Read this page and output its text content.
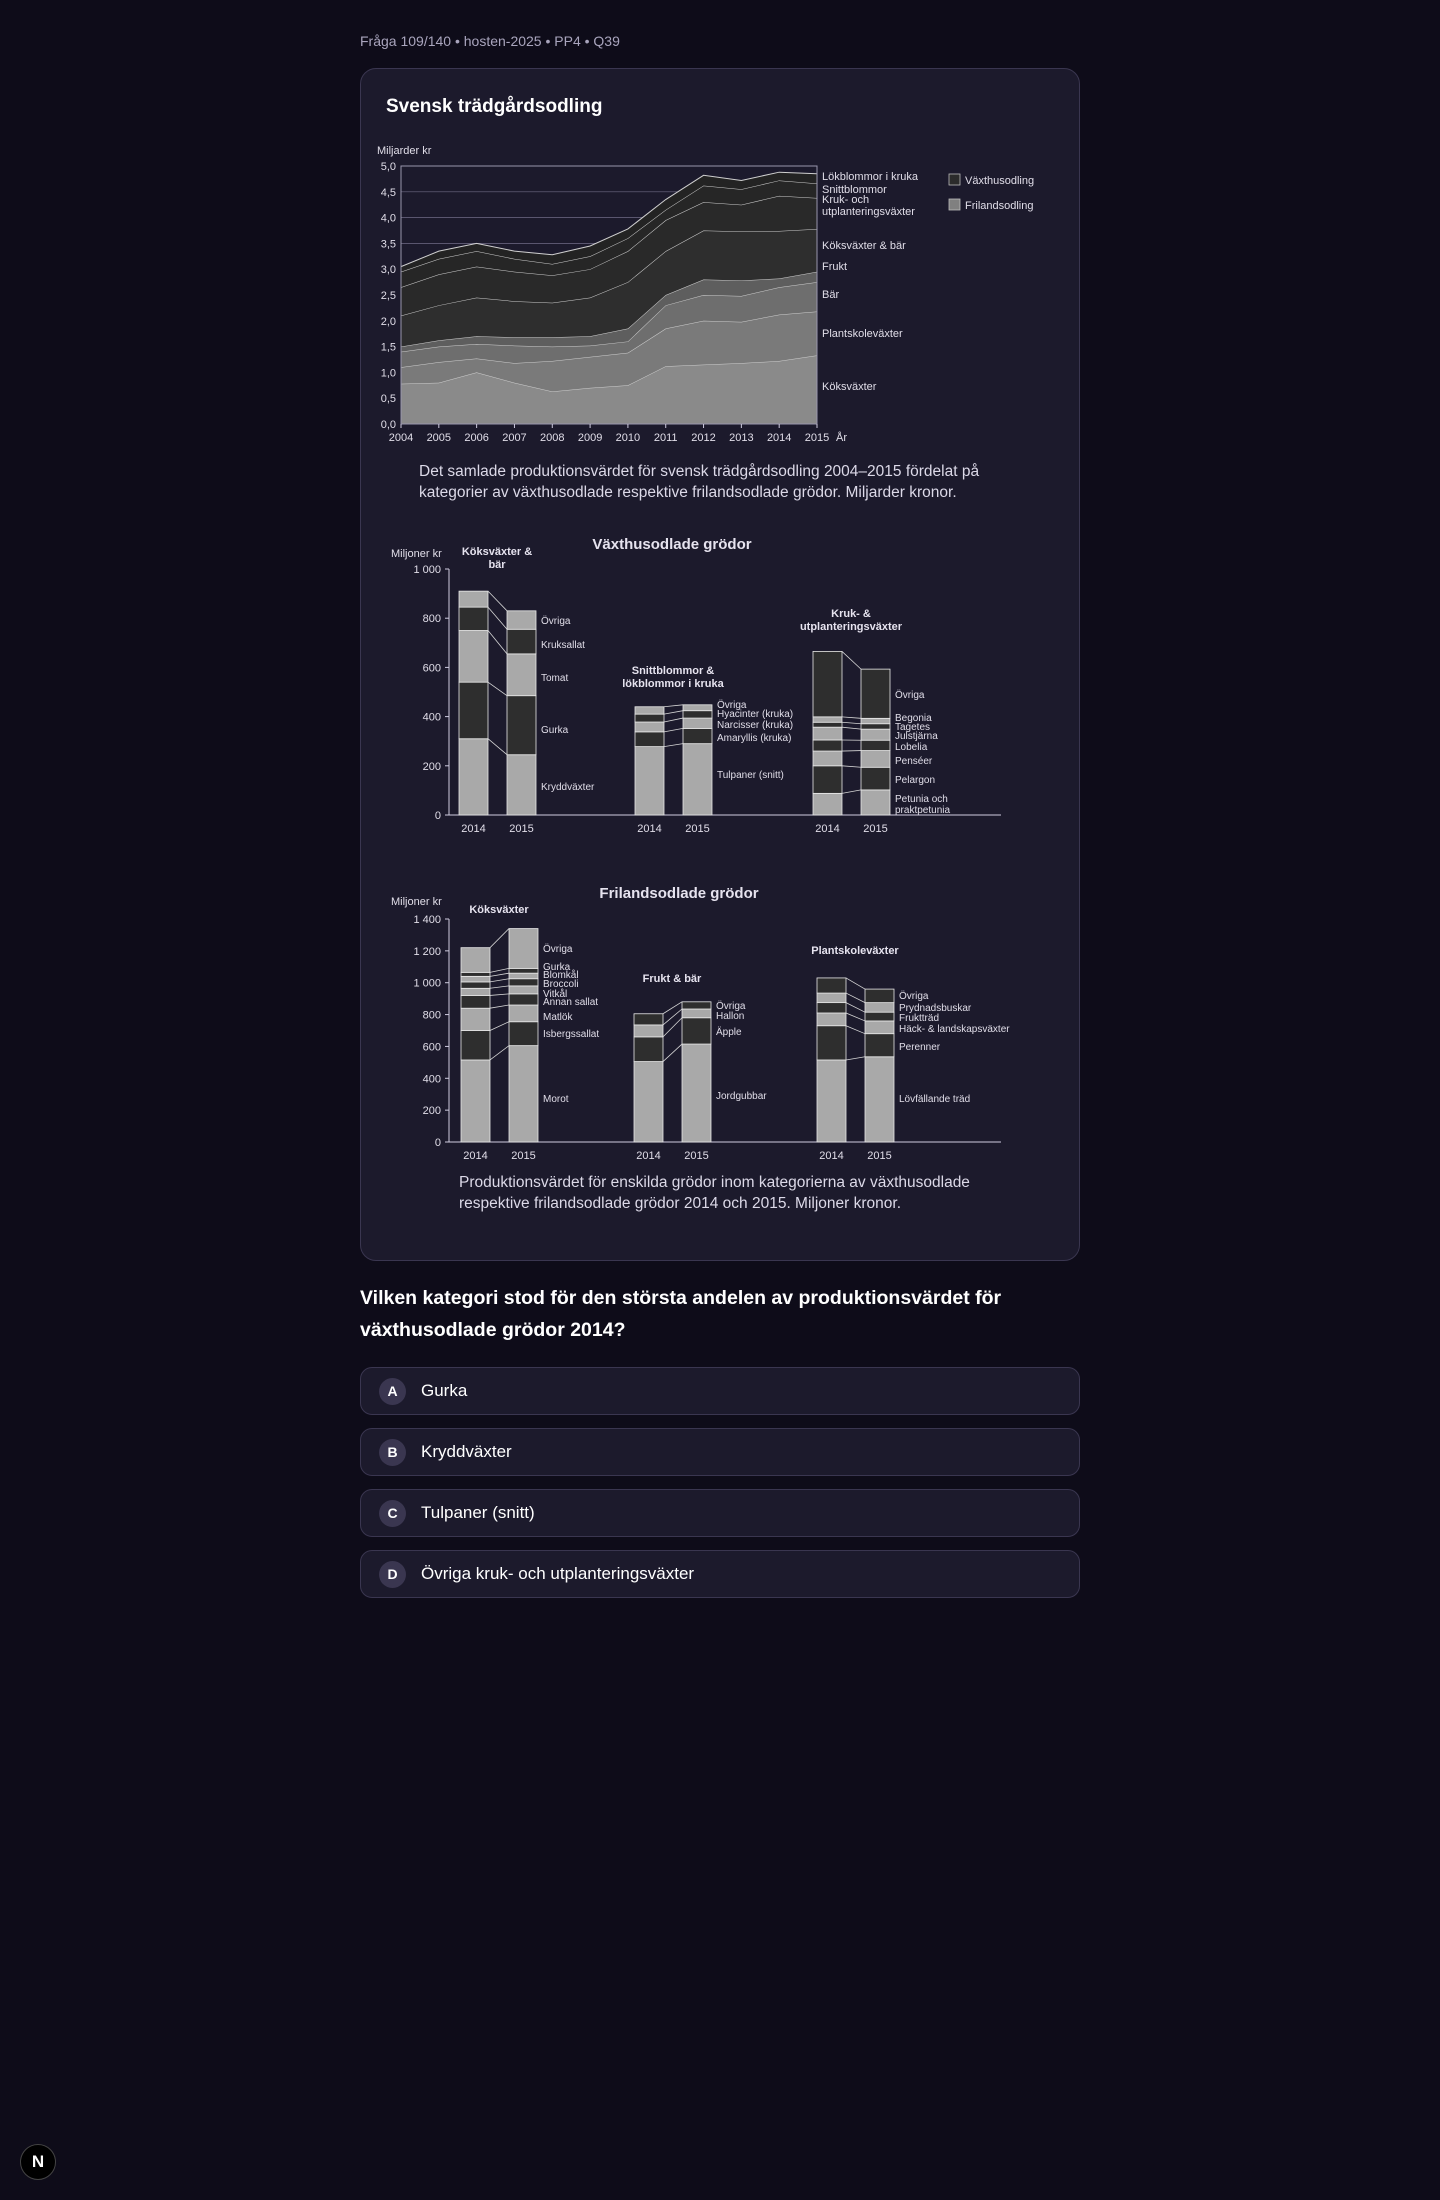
Fråga 109/140 • hosten-2025 • PP4 • Q39
Svensk trädgårdsodling
Miljarder kr
0,0
0,5
1,0
1,5
2,0
2,5
3,0
3,5
4,0
4,5
5,0
2004 2005 2006 2007 2008 2009 2010 2011 2012 2013 2014 2015 År
Köksväxter
Plantskoleväxter
Bär
Frukt
Köksväxter & bär
Kruk- och
utplanteringsväxter
Snittblommor
Lökblommor i kruka	Växthusodling
Frilandsodling
Det samlade produktionsvärdet för svensk trädgårdsodling 2004–2015 fördelat på kategorier av växthusodlade respektive frilandsodlade grödor. Miljarder kronor.
Växthusodlade grödor
Miljoner kr
0
200
400
600
800
1 000
Kryddväxter
Gurka
Tomat
Kruksallat
Övriga
Köksväxter &
bär
2014 2015
Tulpaner (snitt)
Amaryllis (kruka)
Narcisser (kruka)
Hyacinter (kruka)
Övriga
Snittblommor &
lökblommor i kruka
2014 2015
Petunia och
praktpetunia
Pelargon
Penséer
Lobelia
Julstjärna
Tagetes
Begonia
Övriga
Kruk- &
utplanteringsväxter
2014 2015
Frilandsodlade grödor
Miljoner kr
0
200
400
600
800
1 000
1 200
1 400
Morot
Isbergssallat
Matlök
Annan sallat
Vitkål
Broccoli
Blomkål
Gurka
Övriga
Köksväxter
2014 2015
Jordgubbar
Äpple
Hallon
Övriga
Frukt & bär
2014 2015
Lövfällande träd
Perenner
Häck- & landskapsväxter
Fruktträd
Prydnadsbuskar
Övriga
Plantskoleväxter
2014 2015
Produktionsvärdet för enskilda grödor inom kategorierna av växthusodlade respektive frilandsodlade grödor 2014 och 2015. Miljoner kronor.
Vilken kategori stod för den största andelen av produktionsvärdet för växthusodlade grödor 2014?
A	Gurka
B	Kryddväxter
C	Tulpaner (snitt)
D	Övriga kruk- och utplanteringsväxter
N
